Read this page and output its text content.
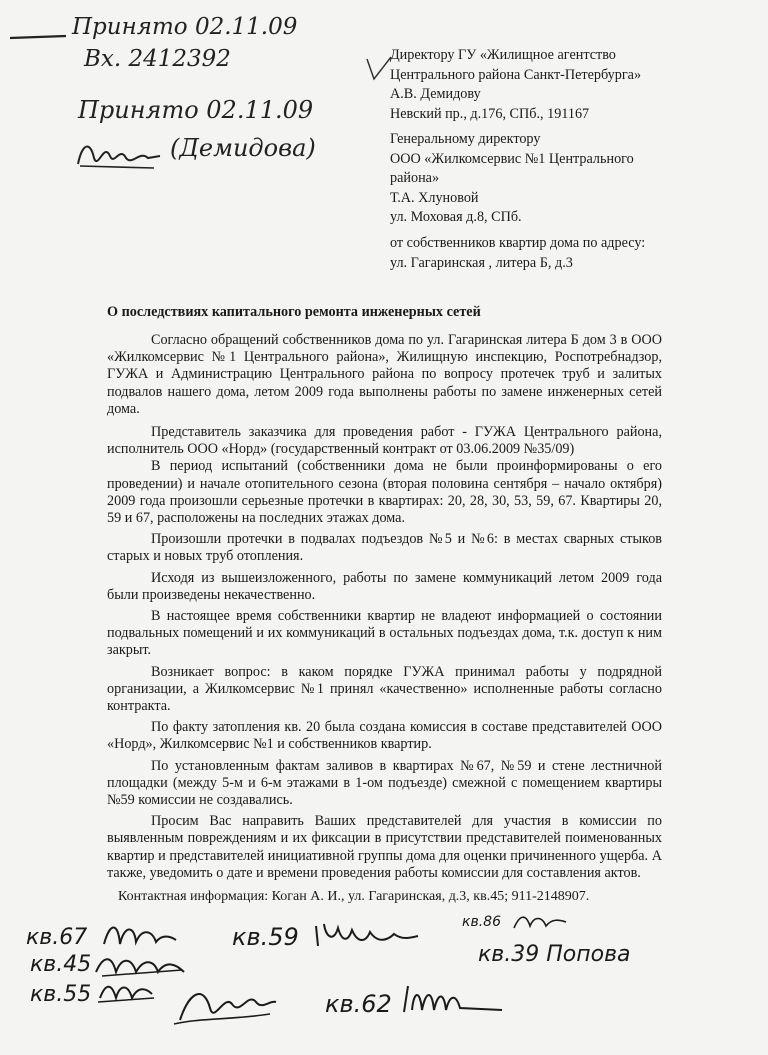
Принято 02.11.09
Вх. 2412392
Принято 02.11.09
(Демидова)

Директору ГУ «Жилищное агентство

Центрального района Санкт-Петербурга»

А.В. Демидову

Невский пр., д.176, СПб., 191167

Генеральному директору

ООО «Жилкомсервис №1 Центрального

района»

Т.А. Хлуновой

ул. Моховая д.8, СПб.

от собственников квартир дома по адресу:

ул. Гагаринская , литера Б, д.3

О последствиях капитального ремонта инженерных сетей

Согласно обращений собственников дома по ул. Гагаринская литера Б дом 3 в ООО «Жилкомсервис №1 Центрального района», Жилищную инспекцию, Роспотребнадзор, ГУЖА и Администрацию Центрального района по вопросу протечек труб и залитых подвалов нашего дома, летом 2009 года выполнены работы по замене инженерных сетей дома.

Представитель заказчика для проведения работ - ГУЖА Центрального района, исполнитель ООО «Норд» (государственный контракт от 03.06.2009 №35/09)

В период испытаний (собственники дома не были проинформированы о его проведении) и начале отопительного сезона (вторая половина сентября – начало октября) 2009 года произошли серьезные протечки в квартирах: 20, 28, 30, 53, 59, 67. Квартиры 20, 59 и 67, расположены на последних этажах дома.

Произошли протечки в подвалах подъездов №5 и №6: в местах сварных стыков старых и новых труб отопления.

Исходя из вышеизложенного, работы по замене коммуникаций летом 2009 года были произведены некачественно.

В настоящее время собственники квартир не владеют информацией о состоянии подвальных помещений и их коммуникаций в остальных подъездах дома, т.к. доступ к ним закрыт.

Возникает вопрос: в каком порядке ГУЖА принимал работы у подрядной организации, а Жилкомсервис №1 принял «качественно» исполненные работы согласно контракта.

По факту затопления кв. 20 была создана комиссия в составе представителей ООО «Норд», Жилкомсервис №1 и собственников квартир.

По установленным фактам заливов в квартирах №67, №59 и стене лестничной площадки (между 5-м и 6-м этажами в 1-ом подъезде) смежной с помещением квартиры №59 комиссии не создавались.

Просим Вас направить Ваших представителей для участия в комиссии по выявленным повреждениям и их фиксации в присутствии представителей поименованных квартир и представителей инициативной группы дома для оценки причиненного ущерба. А также, уведомить о дате и времени проведения работы комиссии для составления актов.

Контактная информация: Коган А. И., ул. Гагаринская, д.3, кв.45; 911-2148907.
кв.67
кв.45
кв.55
кв.59
кв.62
кв.86
кв.39 Попова
